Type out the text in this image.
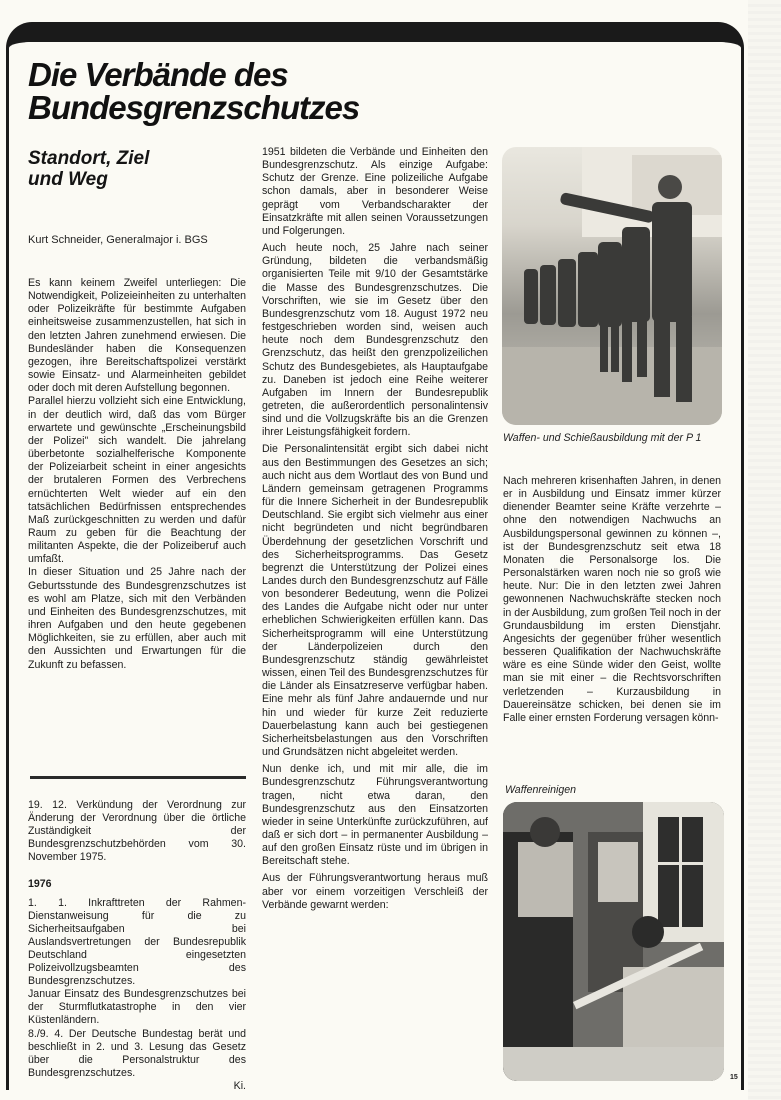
Die Verbände des
Bundesgrenzschutzes
Standort, Ziel
und Weg
Kurt Schneider, Generalmajor i. BGS

Es kann keinem Zweifel unterliegen: Die Notwendigkeit, Polizeieinheiten zu unterhalten oder Polizeikräfte für bestimmte Aufgaben einheitsweise zusammenzustellen, hat sich in den letzten Jahren zunehmend erwiesen. Die Bundesländer haben die Konsequenzen gezogen, ihre Bereitschaftspolizei verstärkt sowie Einsatz- und Alarmeinheiten gebildet oder doch mit deren Aufstellung begonnen.

Parallel hierzu vollzieht sich eine Entwicklung, in der deutlich wird, daß das vom Bürger erwartete und gewünschte „Erscheinungsbild der Polizei" sich wandelt. Die jahrelang überbetonte sozialhelferische Komponente der Polizeiarbeit scheint in einer angesichts der brutaleren Formen des Verbrechens ernüchterten Welt wieder auf ein den tatsächlichen Bedürfnissen entsprechendes Maß zurückgeschnitten zu werden und dafür Raum zu geben für die Beachtung der militanten Aspekte, die der Polizeiberuf auch umfaßt.

In dieser Situation und 25 Jahre nach der Geburtsstunde des Bundesgrenzschutzes ist es wohl am Platze, sich mit den Verbänden und Einheiten des Bundesgrenzschutzes, mit ihren Aufgaben und den heute gegebenen Möglichkeiten, sie zu erfüllen, aber auch mit den Aussichten und Erwartungen für die Zukunft zu befassen.

19. 12. Verkündung der Verordnung zur Änderung der Verordnung über die örtliche Zuständigkeit der Bundesgrenzschutzbehörden vom 30. November 1975.

1976

1. 1. Inkrafttreten der Rahmen-Dienstanweisung für die zu Sicherheitsaufgaben bei Auslandsvertretungen der Bundesrepublik Deutschland eingesetzten Polizeivollzugsbeamten des Bundesgrenzschutzes.

Januar Einsatz des Bundesgrenzschutzes bei der Sturmflutkatastrophe in den vier Küstenländern.

8./9. 4. Der Deutsche Bundestag berät und beschließt in 2. und 3. Lesung das Gesetz über die Personalstruktur des Bundesgrenzschutzes.

Ki.

1951 bildeten die Verbände und Einheiten den Bundesgrenzschutz. Als einzige Aufgabe: Schutz der Grenze. Eine polizeiliche Aufgabe schon damals, aber in besonderer Weise geprägt vom Verbandscharakter der Einsatzkräfte mit allen seinen Voraussetzungen und Folgerungen.

Auch heute noch, 25 Jahre nach seiner Gründung, bildeten die verbandsmäßig organisierten Teile mit 9/10 der Gesamtstärke die Masse des Bundesgrenzschutzes. Die Vorschriften, wie sie im Gesetz über den Bundesgrenzschutz vom 18. August 1972 neu festgeschrieben worden sind, weisen auch heute noch dem Bundesgrenzschutz den Grenzschutz, das heißt den grenzpolizeilichen Schutz des Bundesgebietes, als Hauptaufgabe zu. Daneben ist jedoch eine Reihe weiterer Aufgaben im Innern der Bundesrepublik getreten, die außerordentlich personalintensiv sind und die Vollzugskräfte bis an die Grenzen ihrer Leistungsfähigkeit fordern.

Die Personalintensität ergibt sich dabei nicht aus den Bestimmungen des Gesetzes an sich; auch nicht aus dem Wortlaut des von Bund und Ländern gemeinsam getragenen Programms für die Innere Sicherheit in der Bundesrepublik Deutschland. Sie ergibt sich vielmehr aus einer nicht begründeten und nicht begründbaren Überdehnung der gesetzlichen Vorschrift und des Sicherheitsprogramms. Das Gesetz begrenzt die Unterstützung der Polizei eines Landes durch den Bundesgrenzschutz auf Fälle von besonderer Bedeutung, wenn die Polizei des Landes die Aufgabe nicht oder nur unter erheblichen Schwierigkeiten erfüllen kann. Das Sicherheitsprogramm will eine Unterstützung der Länderpolizeien durch den Bundesgrenzschutz ständig gewährleistet wissen, einen Teil des Bundesgrenzschutzes für die Länder als Einsatzreserve verfügbar haben. Eine mehr als fünf Jahre andauernde und nur hin und wieder für kurze Zeit reduzierte Dauerbelastung kann auch bei gestiegenen Sicherheitsbelastungen aus den Vorschriften und Grundsätzen nicht abgeleitet werden.

Nun denke ich, und mit mir alle, die im Bundesgrenzschutz Führungsverantwortung tragen, nicht etwa daran, den Bundesgrenzschutz aus den Einsatzorten wieder in seine Unterkünfte zurückzuführen, auf daß er sich dort – in permanenter Ausbildung – auf den großen Einsatz rüste und im übrigen in Bereitschaft stehe.

Aus der Führungsverantwortung heraus muß aber vor einem vorzeitigen Verschleiß der Verbände gewarnt werden:

Waffen- und Schießausbildung mit der P 1

Nach mehreren krisenhaften Jahren, in denen er in Ausbildung und Einsatz immer kürzer dienender Beamter seine Kräfte verzehrte – ohne den notwendigen Nachwuchs an Ausbildungspersonal gewinnen zu können –, ist der Bundesgrenzschutz seit etwa 18 Monaten die Personalsorge los. Die Personalstärken waren noch nie so groß wie heute. Nur: Die in den letzten zwei Jahren gewonnenen Nachwuchskräfte stecken noch in der Ausbildung, zum großen Teil noch in der Grundausbildung im ersten Dienstjahr. Angesichts der gegenüber früher wesentlich besseren Qualifikation der Nachwuchskräfte wäre es eine Sünde wider den Geist, wollte man sie mit einer – die Rechtsvorschriften verletzenden – Kurzausbildung in Dauereinsätze schicken, bei denen sie im Falle einer ernsten Forderung versagen könn-

Waffenreinigen
15
